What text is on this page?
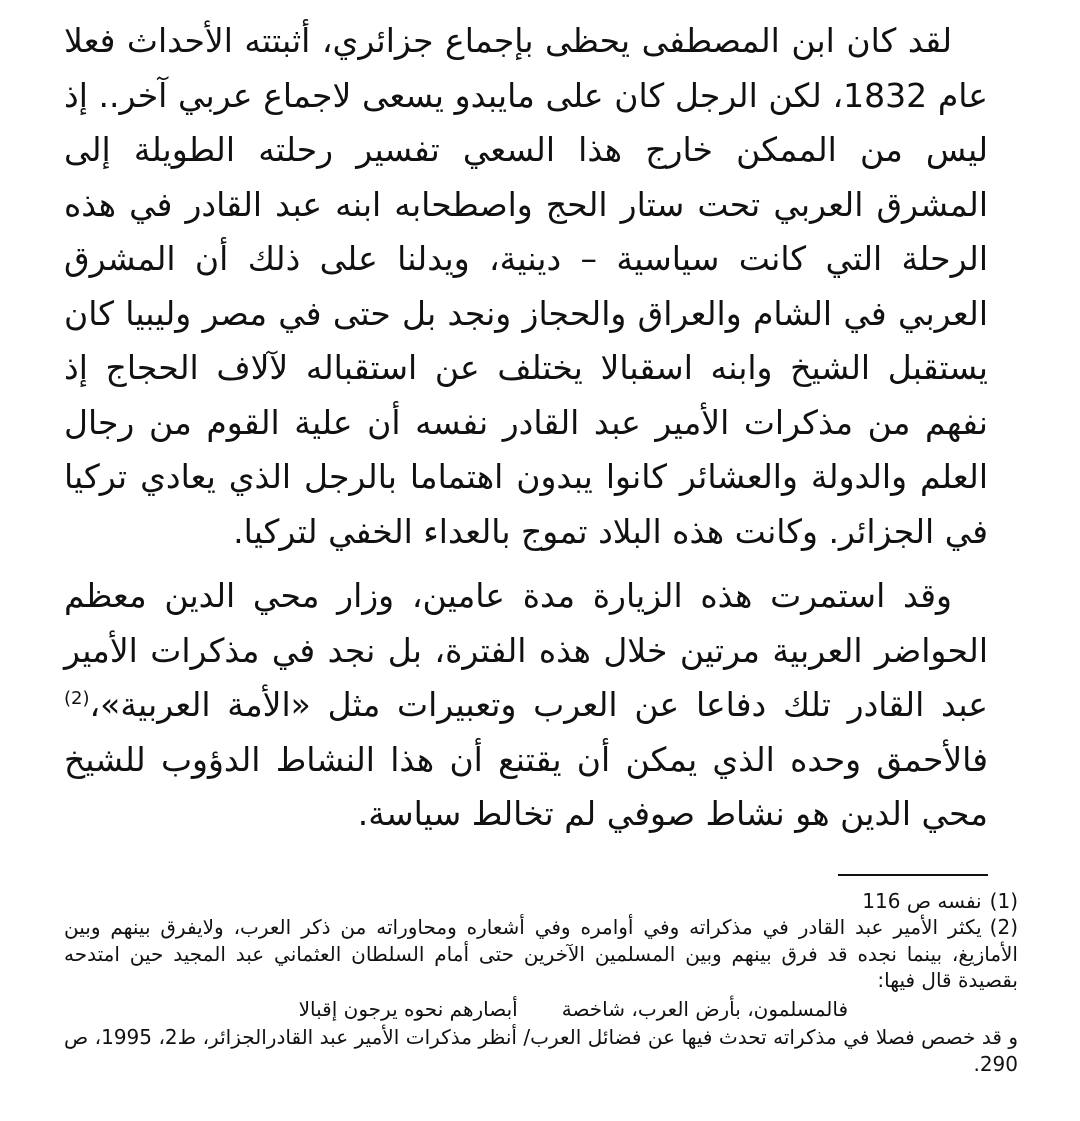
لقد كان ابن المصطفى يحظى بإجماع جزائري، أثبتته الأحداث فعلا عام 1832، لكن الرجل كان على مايبدو يسعى لاجماع عربي آخر.. إذ ليس من الممكن خارج هذا السعي تفسير رحلته الطويلة إلى المشرق العربي تحت ستار الحج واصطحابه ابنه عبد القادر في هذه الرحلة التي كانت سياسية – دينية، ويدلنا على ذلك أن المشرق العربي في الشام والعراق والحجاز ونجد بل حتى في مصر وليبيا كان يستقبل الشيخ وابنه اسقبالا يختلف عن استقباله لآلاف الحجاج إذ نفهم من مذكرات الأمير عبد القادر نفسه أن علية القوم من رجال العلم والدولة والعشائر كانوا يبدون اهتماما بالرجل الذي يعادي تركيا في الجزائر. وكانت هذه البلاد تموج بالعداء الخفي لتركيا.

وقد استمرت هذه الزيارة مدة عامين، وزار محي الدين معظم الحواضر العربية مرتين خلال هذه الفترة، بل نجد في مذكرات الأمير عبد القادر تلك دفاعا عن العرب وتعبيرات مثل «الأمة العربية»،$^{(2)}$ فالأحمق وحده الذي يمكن أن يقتنع أن هذا النشاط الدؤوب للشيخ محي الدين هو نشاط صوفي لم تخالط سياسة.

(1)نفسه ص 116

(2)يكثر الأمير عبد القادر في مذكراته وفي أوامره وفي أشعاره ومحاوراته من ذكر العرب، ولايفرق بينهم وبين الأمازيغ، بينما نجده قد فرق بينهم وبين المسلمين الآخرين حتى أمام السلطان العثماني عبد المجيد حين امتدحه بقصيدة قال فيها:

فالمسلمون، بأرض العرب، شاخصة
أبصارهم نحوه يرجون إقبالا

و قد خصص فصلا في مذكراته تحدث فيها عن فضائل العرب/ أنظر مذكرات الأمير عبد القادرالجزائر، ط2، 1995، ص 290.
